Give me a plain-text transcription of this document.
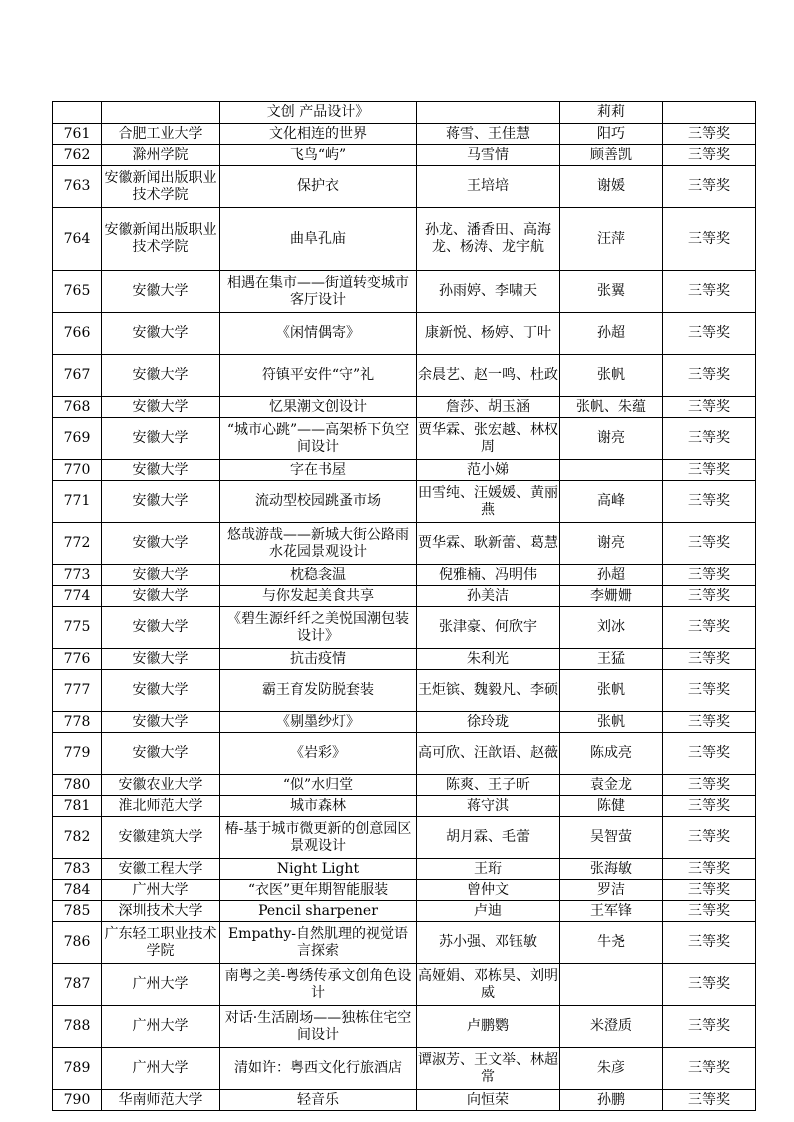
		文创 产品设计》		莉莉	
761	合肥工业大学	文化相连的世界	蒋雪、王佳慧	阳巧	三等奖
762	滁州学院	飞鸟“屿”	马雪情	顾善凯	三等奖
763	安徽新闻出版职业技术学院	保护衣	王培培	谢媛	三等奖
764	安徽新闻出版职业技术学院	曲阜孔庙	孙龙、潘香田、高海龙、杨涛、龙宇航	汪萍	三等奖
765	安徽大学	相遇在集市——街道转变城市客厅设计	孙雨婷、李啸天	张翼	三等奖
766	安徽大学	《闲情偶寄》	康新悦、杨婷、丁叶	孙超	三等奖
767	安徽大学	符镇平安件“守”礼	余晨艺、赵一鸣、杜政	张帆	三等奖
768	安徽大学	忆果潮文创设计	詹莎、胡玉涵	张帆、朱蕴	三等奖
769	安徽大学	“城市心跳”——高架桥下负空间设计	贾华霖、张宏越、林权周	谢亮	三等奖
770	安徽大学	字在书屋	范小娣		三等奖
771	安徽大学	流动型校园跳蚤市场	田雪纯、汪媛媛、黄丽燕	高峰	三等奖
772	安徽大学	悠哉游哉——新城大街公路雨水花园景观设计	贾华霖、耿新蕾、葛慧	谢亮	三等奖
773	安徽大学	枕稳衾温	倪雅楠、冯明伟	孙超	三等奖
774	安徽大学	与你发起美食共享	孙美洁	李姗姗	三等奖
775	安徽大学	《碧生源纤纤之美悦国潮包装设计》	张津豪、何欣宇	刘冰	三等奖
776	安徽大学	抗击疫情	朱利光	王猛	三等奖
777	安徽大学	霸王育发防脱套装	王炬镔、魏毅凡、李硕	张帆	三等奖
778	安徽大学	《剔墨纱灯》	徐玲珑	张帆	三等奖
779	安徽大学	《岩彩》	高可欣、汪歆语、赵薇	陈成亮	三等奖
780	安徽农业大学	“似”水归堂	陈爽、王子昕	袁金龙	三等奖
781	淮北师范大学	城市森林	蒋守淇	陈健	三等奖
782	安徽建筑大学	椿-基于城市微更新的创意园区景观设计	胡月霖、毛蕾	吴智萤	三等奖
783	安徽工程大学	Night Light	王珩	张海敏	三等奖
784	广州大学	“衣医”更年期智能服装	曾仲文	罗洁	三等奖
785	深圳技术大学	Pencil sharpener	卢迪	王军锋	三等奖
786	广东轻工职业技术学院	Empathy-自然肌理的视觉语言探索	苏小强、邓钰敏	牛尧	三等奖
787	广州大学	南粤之美-粤绣传承文创角色设计	高娅娟、邓栋昊、刘明威		三等奖
788	广州大学	对话·生活剧场——独栋住宅空间设计	卢鹏鹦	米澄质	三等奖
789	广州大学	清如许：粤西文化行旅酒店	谭淑芳、王文举、林超常	朱彦	三等奖
790	华南师范大学	轻音乐	向恒荣	孙鹏	三等奖
